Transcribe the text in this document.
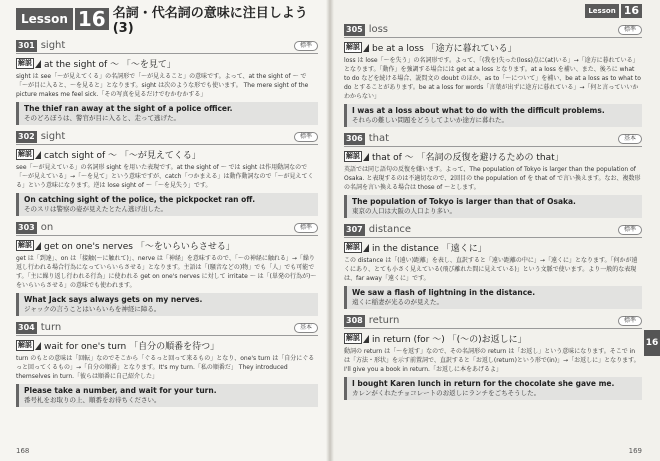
Lesson 16 名詞・代名詞の意味に注目しよう (3)
301 sight	標準
解説 at the sight of ～ 「～を見て」
sight は see「～が見えてくる」の名詞形で「～が見えること」の意味です。よって、at the sight of ～ で「～が目に入ると、～を見ると」となります。sight は次のような形でも使います。 The mere sight of the picture makes me feel sick.「その写真を見るだけでむかむかする」
The thief ran away at the sight of a police officer.
そのどろぼうは、警官が目に入ると、走って逃げた。
302 sight	標準
解説 catch sight of ～ 「～が見えてくる」
see「～が見えている」の名詞形 sight を用いた表現です。at the sight of ～ では sight は作用動詞なので「～が見えている」→「～を見て」という意味ですが、catch「つかまえる」は動作動詞なので「～が見えてくる」という意味になります。逆は lose sight of ～「～を見失う」です。
On catching sight of the police, the pickpocket ran off.
そのスリは警察の姿が見えたとたん逃げ出した。
303 on	標準
解説 get on one's nerves 「～をいらいらさせる」
get は「到達」、on は「接触(～に触れて)」、nerve は「神経」を意味するので、「～の神経に触れる」→「繰り返し行われる場合行為になっていらいらさせる」となります。主語は「(騒音などの)物」でも「人」でも可能です。「主に繰り返し行われる行為」に使われる get on one's nerves に対して irritate ～ は「(単発の行為が)～をいらいらさせる」の意味でも使われます。
What Jack says always gets on my nerves.
ジャックの言うことはいらいらを神経に障る。
304 turn	基本
解説 wait for one's turn 「自分の順番を待つ」
turn のもとの意味は「回転」なのでそこから「ぐるっと回って来るもの」となり、one's turn は「自分にぐるっと回ってくるもの」→「自分の順番」となります。It's my turn.「私の順番だ」 They introduced themselves in turn.「彼らは順番に自己紹介した」
Please take a number, and wait for your turn.
番号札をお取りの上、順番をお待ちください。
168
Lesson 16
305 loss	標準
解説 be at a loss 「途方に暮れている」
loss は lose「～を失う」の名詞形です。よって、「(我を)失った(loss)点に(at)いる」→「途方に暮れている」となります。「動作」を強調する場合には get at a loss となります。at a loss を補い、また、後ろに what to do などを続ける場合、説問文の doubt のほか、as to「～について」を補い、be at a loss as to what to do とすることがあります。be at a loss for words「言葉が出ずに途方に暮れている」→「何と言っていいかわからない」
I was at a loss about what to do with the difficult problems.
それらの難しい問題をどうしてよいか途方に暮れた。
306 that	基本
解説 that of ～ 「名詞の反復を避けるための that」
英語では同じ語句の反復を嫌います。よって、The population of Tokyo is larger than the population of Osaka. と表現するのは不適切なので、2回目の the population of を that of で言い換えます。なお、複数形の名詞を言い換える場合は those of ～とします。
The population of Tokyo is larger than that of Osaka.
東京の人口は大阪の人口より多い。
307 distance	標準
解説 in the distance 「遠くに」
この distance は「(遠い)距離」を表し、直訳すると「遠い距離の中に」→「遠くに」となります。「何かが遠くにあり、とても小さく見えている(飛び離れた間に見えている)」という文脈で使います。より一般的な表現は、far away「遠くに」です。
We saw a flash of lightning in the distance.
遠くに稲妻が光るのが見えた。
308 return	標準
解説 in return (for ～) 「(～の)お返しに」
動詞の return は「～を返す」なので、その名詞形の return は「お返し」という意味になります。そこで in は「方法・形状」を示す前置詞で、直訳すると「お返し(return)という形で(in)」→「お返しに」となります。 I'll give you a book in return.「お返しに本をあげるよ」
I bought Karen lunch in return for the chocolate she gave me.
カレンがくれたチョコレートのお返しにランチをごちそうした。
16
169
